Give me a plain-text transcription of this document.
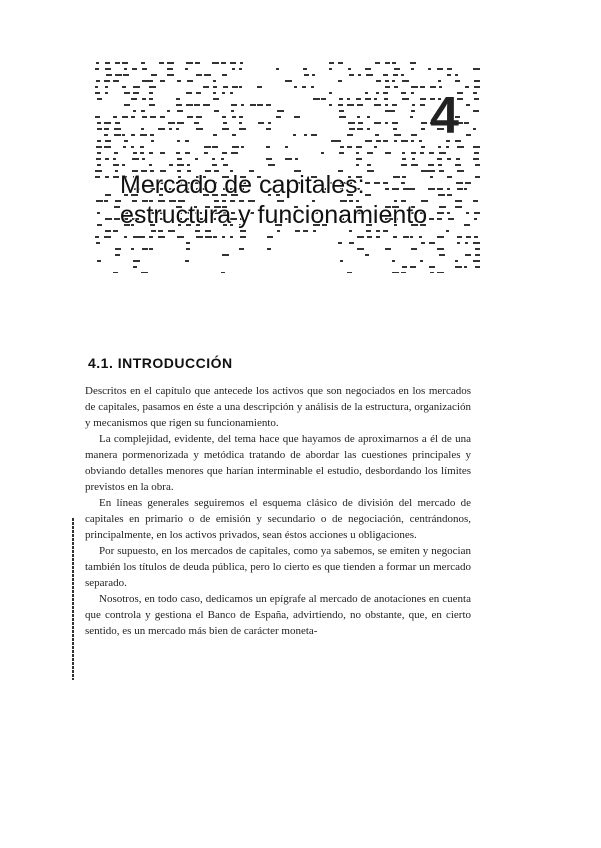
4
Mercado de capitales:
estructura y funcionamiento
4.1. INTRODUCCIÓN

Descritos en el capítulo que antecede los activos que son negociados en los mercados de capitales, pasamos en éste a una descripción y análisis de la estructura, organización y mecanismos que rigen su funcionamiento.

La complejidad, evidente, del tema hace que hayamos de aproximarnos a él de una manera pormenorizada y metódica tratando de abordar las cuestiones principales y obviando detalles menores que harían interminable el estudio, desbordando los límites previstos en la obra.

En líneas generales seguiremos el esquema clásico de división del mercado de capitales en primario o de emisión y secundario o de negociación, centrándonos, principalmente, en los activos privados, sean éstos acciones u obligaciones.

Por supuesto, en los mercados de capitales, como ya sabemos, se emiten y negocian también los títulos de deuda pública, pero lo cierto es que tienden a formar un mercado separado.

Nosotros, en todo caso, dedicamos un epígrafe al mercado de anotaciones en cuenta que controla y gestiona el Banco de España, advirtiendo, no obstante, que, en cierto sentido, es un mercado más bien de carácter moneta-
